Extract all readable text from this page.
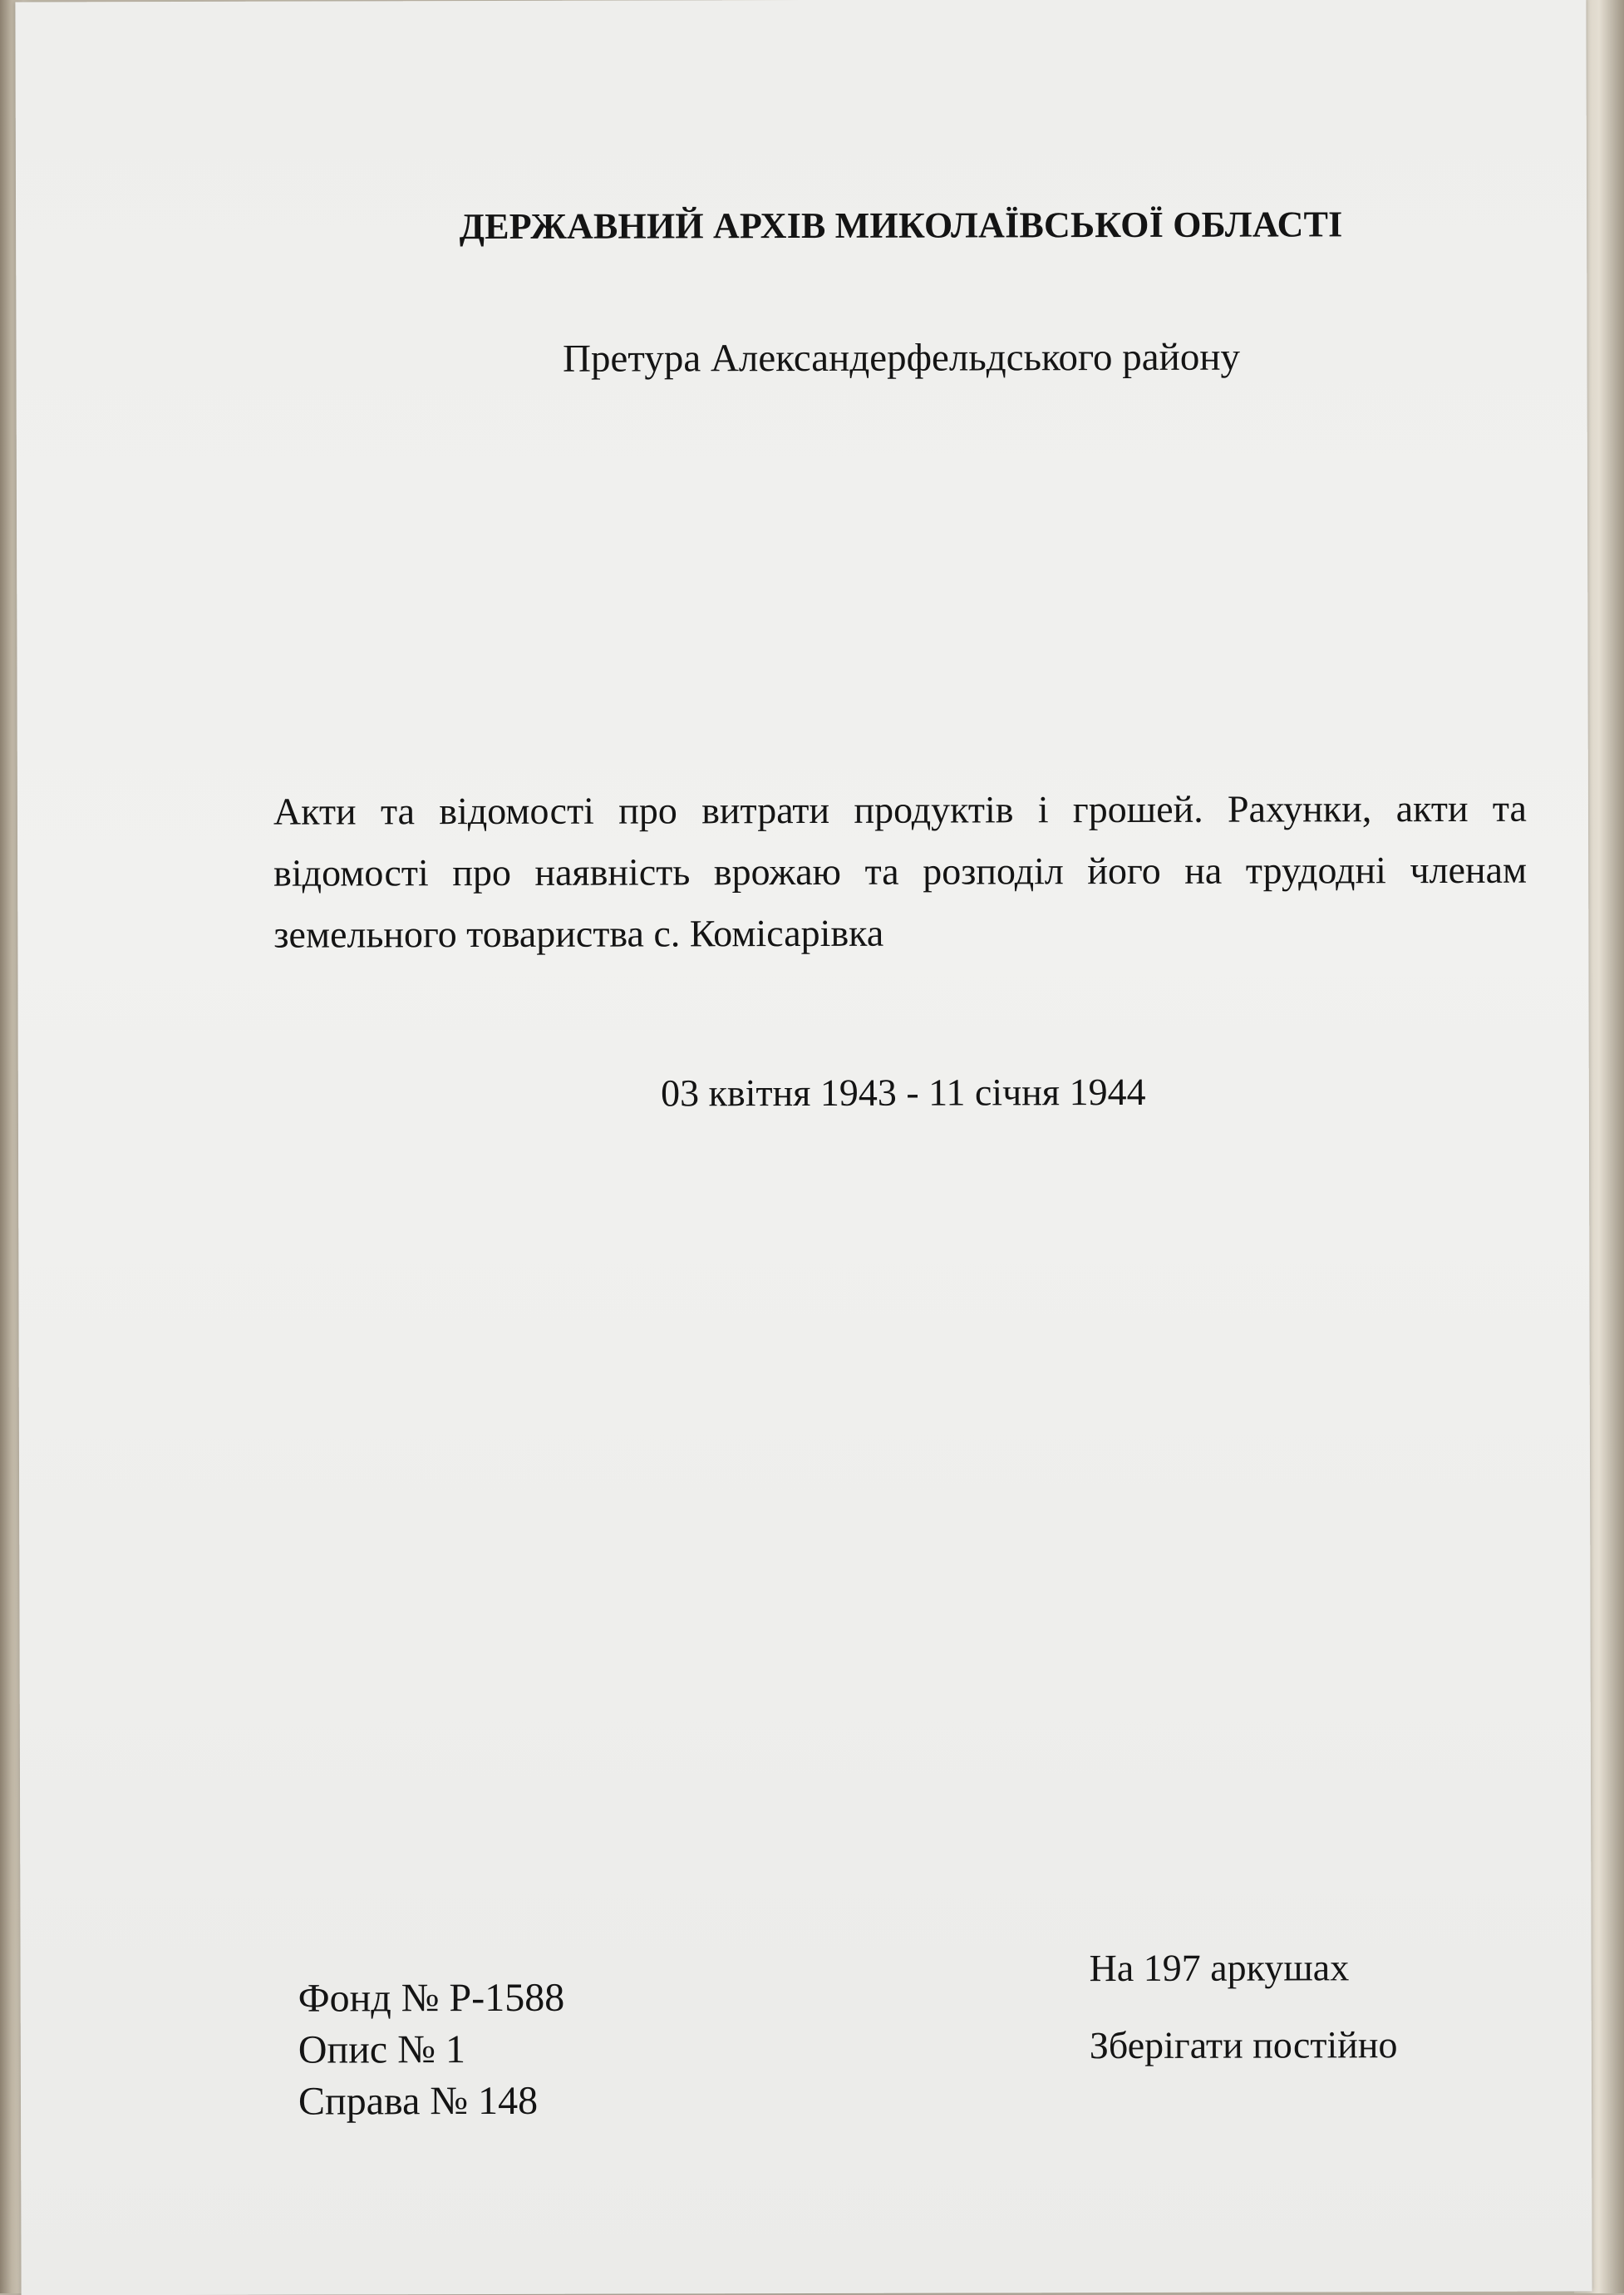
ДЕРЖАВНИЙ АРХІВ МИКОЛАЇВСЬКОЇ ОБЛАСТІ
Претура Александерфельдського району
Акти та відомості про витрати продуктів і грошей. Рахунки, акти та відомості про наявність врожаю та розподіл його на трудодні членам земельного товариства с. Комісарівка
03 квітня 1943 - 11 січня 1944
Фонд № Р-1588
Опис № 1
Справа № 148
На 197 аркушах
Зберігати постійно
